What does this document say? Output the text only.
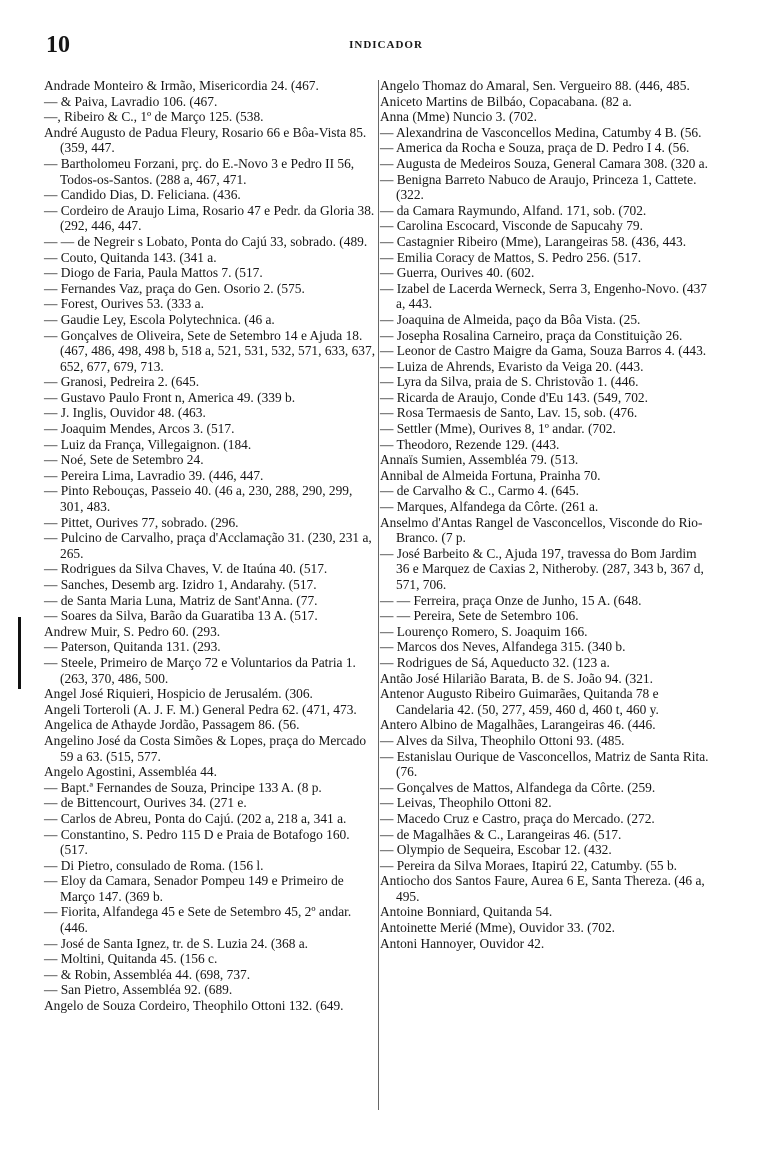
10	INDICADOR
Andrade Monteiro & Irmão, Misericordia 24. (467.
— & Paiva, Lavradio 106. (467.
—, Ribeiro & C., 1º de Março 125. (538.
André Augusto de Padua Fleury, Rosario 66 e Bôa-Vista 85. (359, 447.
— Bartholomeu Forzani, prç. do E.-Novo 3 e Pedro II 56, Todos-os-Santos. (288 a, 467, 471.
— Candido Dias, D. Feliciana. (436.
— Cordeiro de Araujo Lima, Rosario 47 e Pedr. da Gloria 38. (292, 446, 447.
— — de Negreir s Lobato, Ponta do Cajú 33, sobrado. (489.
— Couto, Quitanda 143. (341 a.
— Diogo de Faria, Paula Mattos 7. (517.
— Fernandes Vaz, praça do Gen. Osorio 2. (575.
— Forest, Ourives 53. (333 a.
— Gaudie Ley, Escola Polytechnica. (46 a.
— Gonçalves de Oliveira, Sete de Setembro 14 e Ajuda 18. (467, 486, 498, 498 b, 518 a, 521, 531, 532, 571, 633, 637, 652, 677, 679, 713.
— Granosi, Pedreira 2. (645.
— Gustavo Paulo Front n, America 49. (339 b.
— J. Inglis, Ouvidor 48. (463.
— Joaquim Mendes, Arcos 3. (517.
— Luiz da França, Villegaignon. (184.
— Noé, Sete de Setembro 24.
— Pereira Lima, Lavradio 39. (446, 447.
— Pinto Rebouças, Passeio 40. (46 a, 230, 288, 290, 299, 301, 483.
— Pittet, Ourives 77, sobrado. (296.
— Pulcino de Carvalho, praça d'Acclamação 31. (230, 231 a, 265.
— Rodrigues da Silva Chaves, V. de Itaúna 40. (517.
— Sanches, Desemb arg. Izidro 1, Andarahy. (517.
— de Santa Maria Luna, Matriz de Sant'Anna. (77.
— Soares da Silva, Barão da Guaratiba 13 A. (517.
Andrew Muir, S. Pedro 60. (293.
— Paterson, Quitanda 131. (293.
— Steele, Primeiro de Março 72 e Voluntarios da Patria 1. (263, 370, 486, 500.
Angel José Riquieri, Hospicio de Jerusalém. (306.
Angeli Torteroli (A. J. F. M.) General Pedra 62. (471, 473.
Angelica de Athayde Jordão, Passagem 86. (56.
Angelino José da Costa Simões & Lopes, praça do Mercado 59 a 63. (515, 577.
Angelo Agostini, Assembléa 44.
— Bapt.ª Fernandes de Souza, Principe 133 A. (8 p.
— de Bittencourt, Ourives 34. (271 e.
— Carlos de Abreu, Ponta do Cajú. (202 a, 218 a, 341 a.
— Constantino, S. Pedro 115 D e Praia de Botafogo 160. (517.
— Di Pietro, consulado de Roma. (156 l.
— Eloy da Camara, Senador Pompeu 149 e Primeiro de Março 147. (369 b.
— Fiorita, Alfandega 45 e Sete de Setembro 45, 2º andar. (446.
— José de Santa Ignez, tr. de S. Luzia 24. (368 a.
— Moltini, Quitanda 45. (156 c.
— & Robin, Assembléa 44. (698, 737.
— San Pietro, Assembléa 92. (689.
Angelo de Souza Cordeiro, Theophilo Ottoni 132. (649.
Angelo Thomaz do Amaral, Sen. Vergueiro 88. (446, 485.
Aniceto Martins de Bilbáo, Copacabana. (82 a.
Anna (Mme) Nuncio 3. (702.
— Alexandrina de Vasconcellos Medina, Catumby 4 B. (56.
— America da Rocha e Souza, praça de D. Pedro I 4. (56.
— Augusta de Medeiros Souza, General Camara 308. (320 a.
— Benigna Barreto Nabuco de Araujo, Princeza 1, Cattete. (322.
— da Camara Raymundo, Alfand. 171, sob. (702.
— Carolina Escocard, Visconde de Sapucahy 79.
— Castagnier Ribeiro (Mme), Larangeiras 58. (436, 443.
— Emilia Coracy de Mattos, S. Pedro 256. (517.
— Guerra, Ourives 40. (602.
— Izabel de Lacerda Werneck, Serra 3, Engenho-Novo. (437 a, 443.
— Joaquina de Almeida, paço da Bôa Vista. (25.
— Josepha Rosalina Carneiro, praça da Constituição 26.
— Leonor de Castro Maigre da Gama, Souza Barros 4. (443.
— Luiza de Ahrends, Evaristo da Veiga 20. (443.
— Lyra da Silva, praia de S. Christovão 1. (446.
— Ricarda de Araujo, Conde d'Eu 143. (549, 702.
— Rosa Termaesis de Santo, Lav. 15, sob. (476.
— Settler (Mme), Ourives 8, 1º andar. (702.
— Theodoro, Rezende 129. (443.
Annaïs Sumien, Assembléa 79. (513.
Annibal de Almeida Fortuna, Prainha 70.
— de Carvalho & C., Carmo 4. (645.
— Marques, Alfandega da Côrte. (261 a.
Anselmo d'Antas Rangel de Vasconcellos, Visconde do Rio-Branco. (7 p.
— José Barbeito & C., Ajuda 197, travessa do Bom Jardim 36 e Marquez de Caxias 2, Nitheroby. (287, 343 b, 367 d, 571, 706.
— — Ferreira, praça Onze de Junho, 15 A. (648.
— — Pereira, Sete de Setembro 106.
— Lourenço Romero, S. Joaquim 166.
— Marcos dos Neves, Alfandega 315. (340 b.
— Rodrigues de Sá, Aqueducto 32. (123 a.
Antão José Hilarião Barata, B. de S. João 94. (321.
Antenor Augusto Ribeiro Guimarães, Quitanda 78 e Candelaria 42. (50, 277, 459, 460 d, 460 t, 460 y.
Antero Albino de Magalhães, Larangeiras 46. (446.
— Alves da Silva, Theophilo Ottoni 93. (485.
— Estanislau Ourique de Vasconcellos, Matriz de Santa Rita. (76.
— Gonçalves de Mattos, Alfandega da Côrte. (259.
— Leivas, Theophilo Ottoni 82.
— Macedo Cruz e Castro, praça do Mercado. (272.
— de Magalhães & C., Larangeiras 46. (517.
— Olympio de Sequeira, Escobar 12. (432.
— Pereira da Silva Moraes, Itapirú 22, Catumby. (55 b.
Antiocho dos Santos Faure, Aurea 6 E, Santa Thereza. (46 a, 495.
Antoine Bonniard, Quitanda 54.
Antoinette Merié (Mme), Ouvidor 33. (702.
Antoni Hannoyer, Ouvidor 42.
